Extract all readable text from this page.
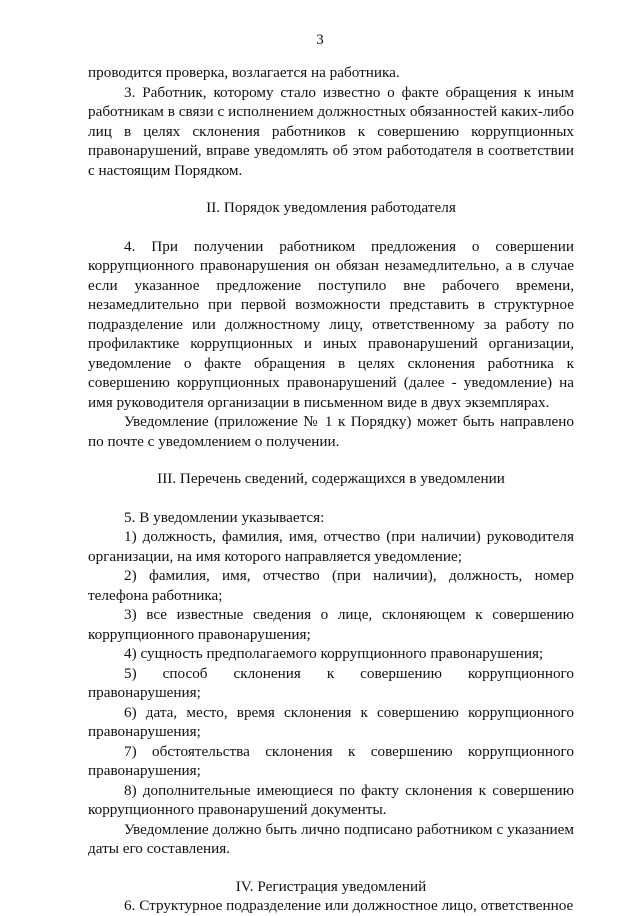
3

проводится проверка, возлагается на работника.

3. Работник, которому стало известно о факте обращения к иным работникам в связи с исполнением должностных обязанностей каких-либо лиц в целях склонения работников к совершению коррупционных правонарушений, вправе уведомлять об этом работодателя в соответствии с настоящим Порядком.

II. Порядок уведомления работодателя

4. При получении работником предложения о совершении коррупционного правонарушения он обязан незамедлительно, а в случае если указанное предложение поступило вне рабочего времени, незамедлительно при первой возможности представить в структурное подразделение или должностному лицу, ответственному за работу по профилактике коррупционных и иных правонарушений организации, уведомление о факте обращения в целях склонения работника к совершению коррупционных правонарушений (далее - уведомление) на имя руководителя организации в письменном виде в двух экземплярах.

Уведомление (приложение № 1 к Порядку) может быть направлено по почте с уведомлением о получении.

III. Перечень сведений, содержащихся в уведомлении

5. В уведомлении указывается:

1) должность, фамилия, имя, отчество (при наличии) руководителя организации, на имя которого направляется уведомление;

2) фамилия, имя, отчество (при наличии), должность, номер телефона работника;

3) все известные сведения о лице, склоняющем к совершению коррупционного правонарушения;

4) сущность предполагаемого коррупционного правонарушения;

5) способ склонения к совершению коррупционного правонарушения;

6) дата, место, время склонения к совершению коррупционного правонарушения;

7) обстоятельства склонения к совершению коррупционного правонарушения;

8) дополнительные имеющиеся по факту склонения к совершению коррупционного правонарушений документы.

Уведомление должно быть лично подписано работником с указанием даты его составления.

IV. Регистрация уведомлений

6. Структурное подразделение или должностное лицо, ответственное
